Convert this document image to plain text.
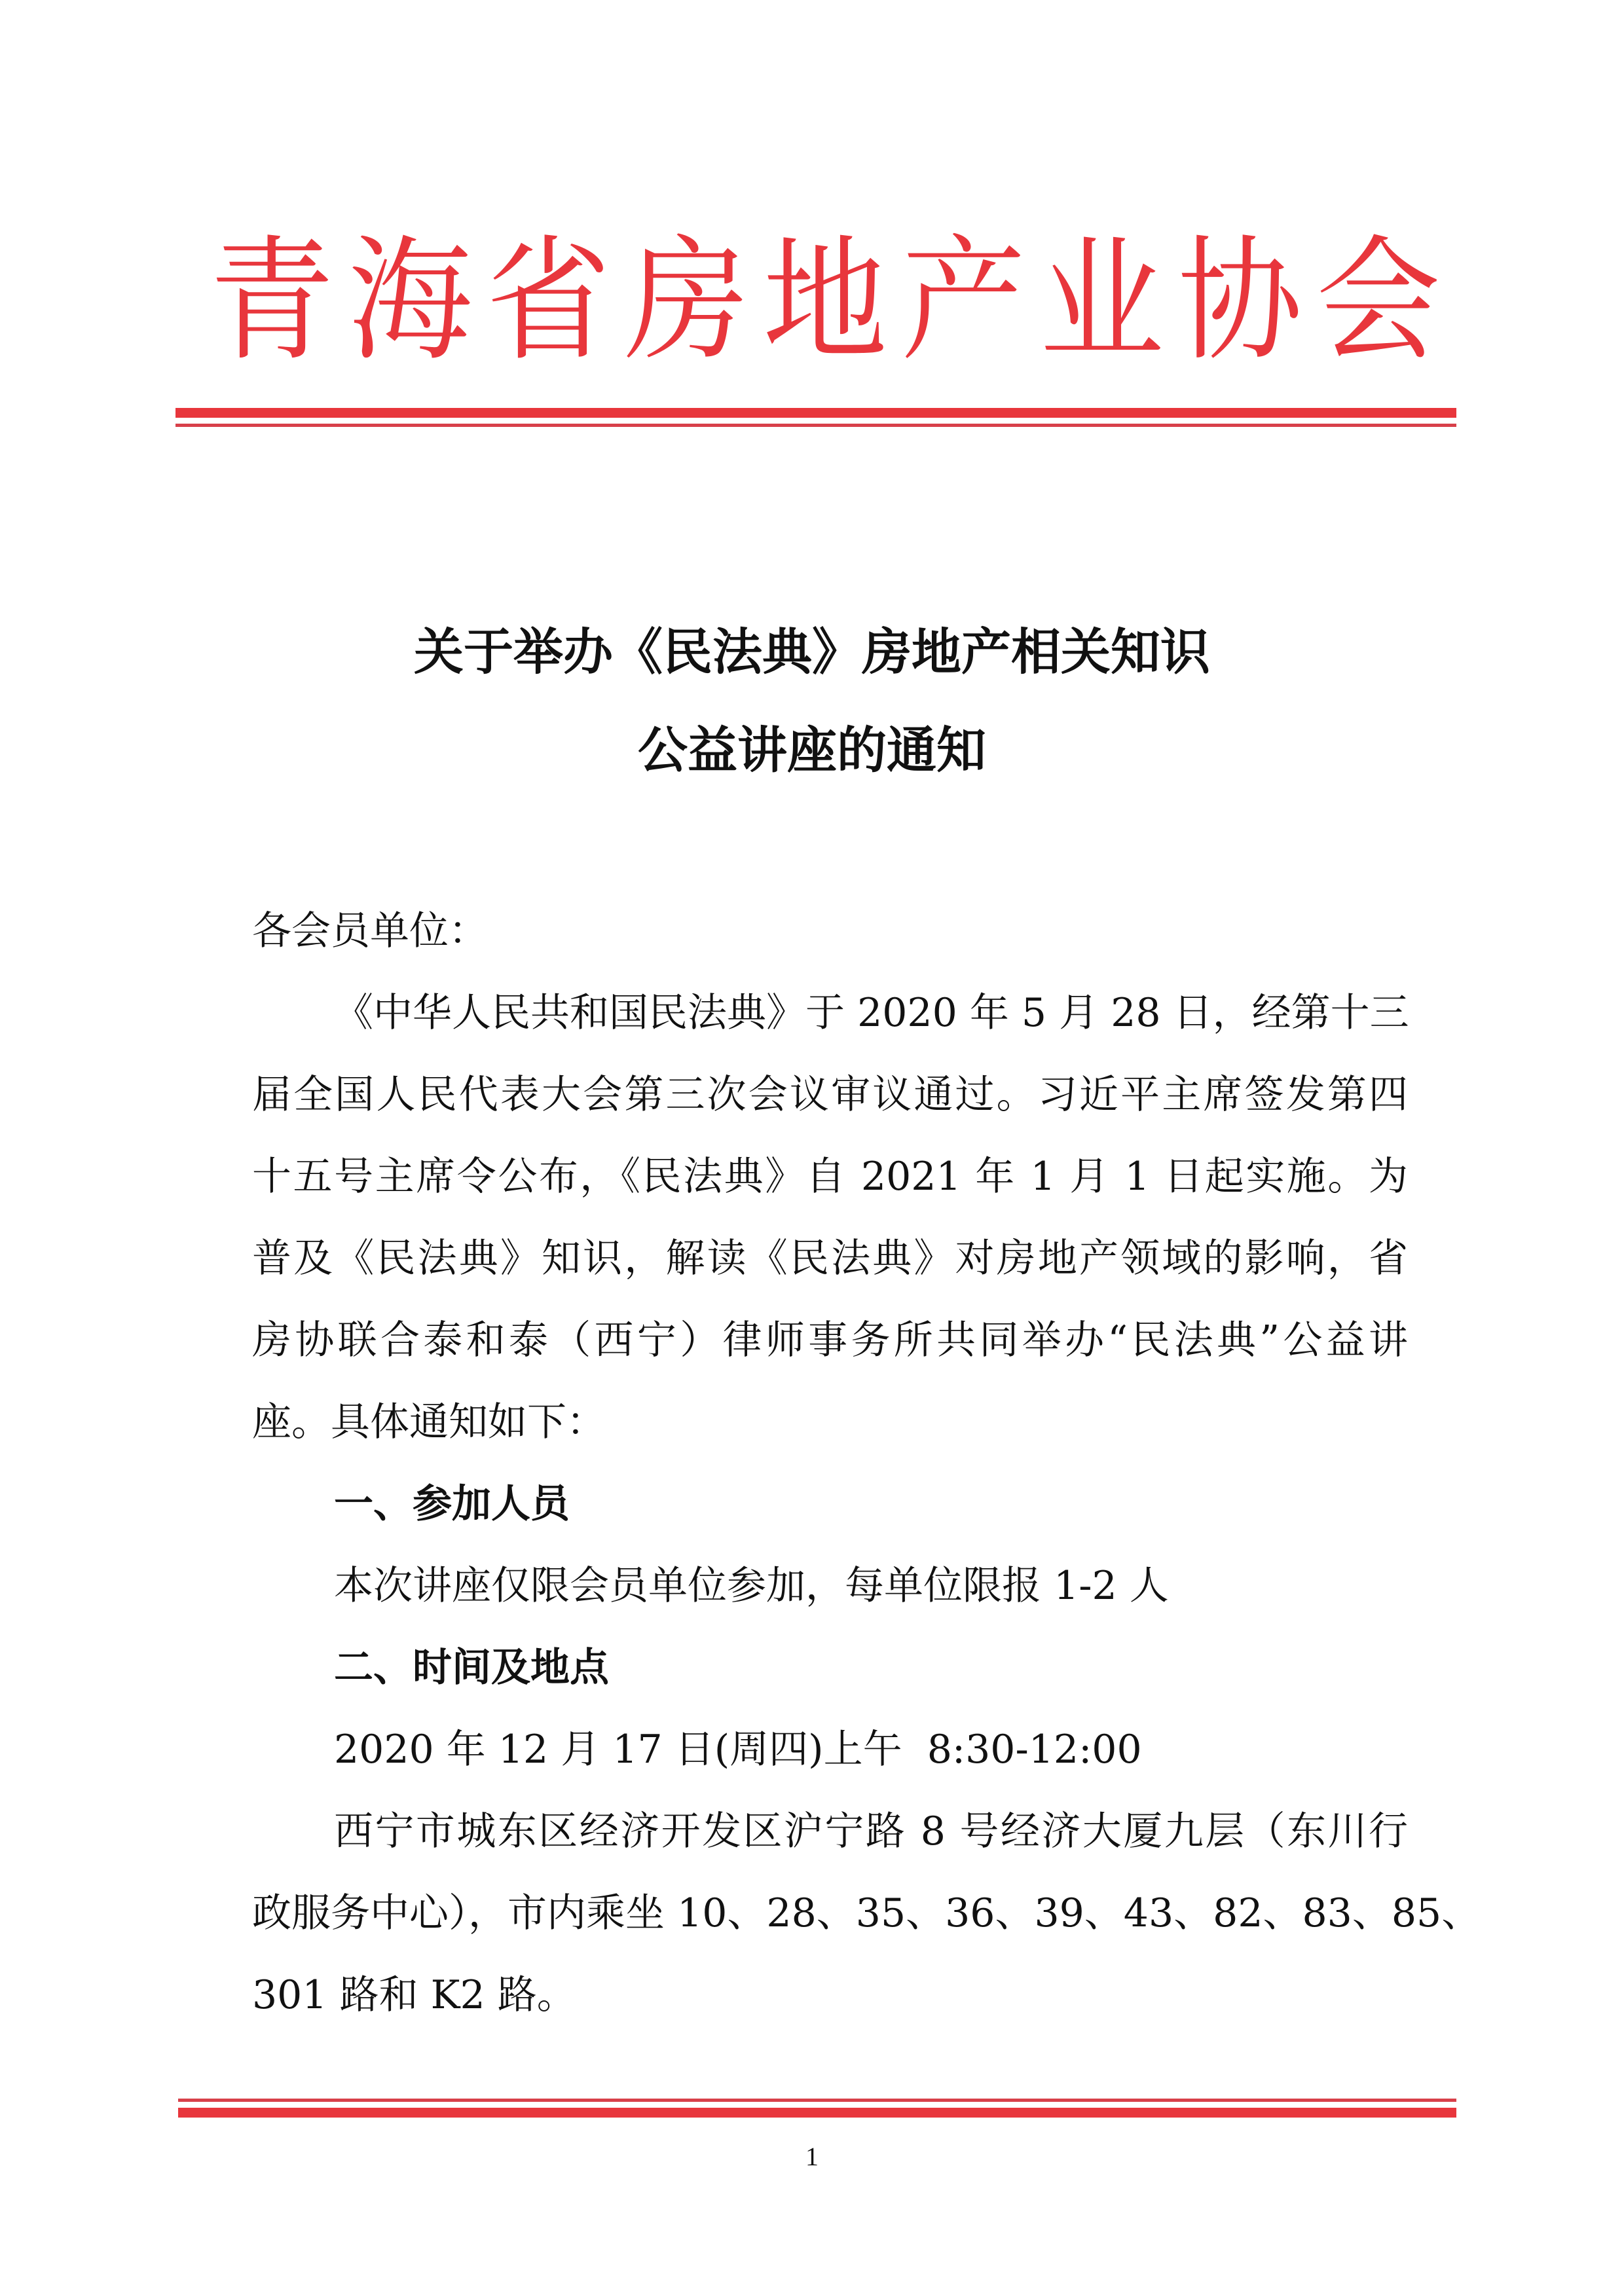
青 海 省 房 地 产 业 协 会
关于举办《民法典》房地产相关知识
公益讲座的通知
各会员单位：
《中华人民共和国民法典》于 2020 年 5 月 28 日，经第十三
届全国人民代表大会第三次会议审议通过。习近平主席签发第四
十五号主席令公布，《民法典》自 2021 年 1 月 1 日起实施。为
普及《民法典》知识，解读《民法典》对房地产领域的影响，省
房协联合泰和泰（西宁）律师事务所共同举办“民法典”公益讲
座。具体通知如下：
一、参加人员
本次讲座仅限会员单位参加，每单位限报 1-2 人
二、时间及地点
2020 年 12 月 17 日(周四)上午  8:30-12:00
西宁市城东区经济开发区沪宁路 8 号经济大厦九层（东川行
政服务中心），市内乘坐 10、28、35、36、39、43、82、83、85、
301 路和 K2 路。
1
